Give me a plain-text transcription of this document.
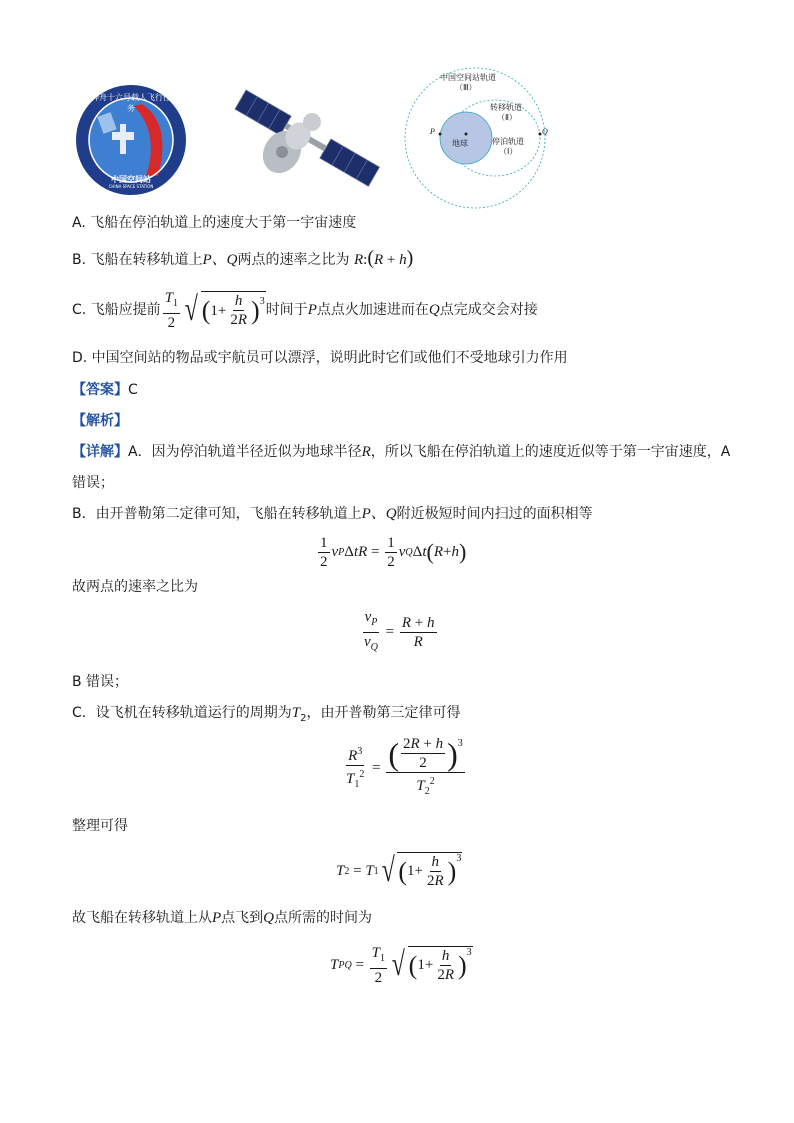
神舟十六号载人飞行任务
中国空间站
CHINA SPACE STATION
中国空间站轨道
（Ⅲ）
转移轨道
（Ⅱ）
停泊轨道
（Ⅰ）
地球
P	Q
A. 飞船在停泊轨道上的速度大于第一宇宙速度
B. 飞船在转移轨道上P、Q两点的速率之比为 R:(R + h)
C. 飞船应提前 $\frac{T_1}{2}$ √ ( $1+ \frac{h}{2R}$ ) 3
时间于 P 点点火加速进而在 Q 点完成交会对接
D. 中国空间站的物品或宇航员可以漂浮，说明此时它们或他们不受地球引力作用
【答案】C
【解析】
【详解】A．因为停泊轨道半径近似为地球半径R，所以飞船在停泊轨道上的速度近似等于第一宇宙速度，A
错误；
B．由开普勒第二定律可知，飞船在转移轨道上P、Q附近极短时间内扫过的面积相等
$\frac{1}{2}$ v P Δ t $R = \frac{1}{2}$ v Q Δ t ( R + h )
故两点的速率之比为
$\frac{v_P}{v_Q} = \frac{R + h}{R}$
B 错误；
C．设飞机在转移轨道运行的周期为$T_2$，由开普勒第三定律可得
$\frac{R^3}{T_1^2} = \frac{( \frac{2R + h}{2} ) 3}{T_2^2}$
整理可得
T 2 = T 1 √ ( $1+ \frac{h}{2R}$ ) 3
故飞船在转移轨道上从P点飞到Q点所需的时间为
T PQ = $\frac{T_1}{2}$ √ ( $1+ \frac{h}{2R}$ ) 3
